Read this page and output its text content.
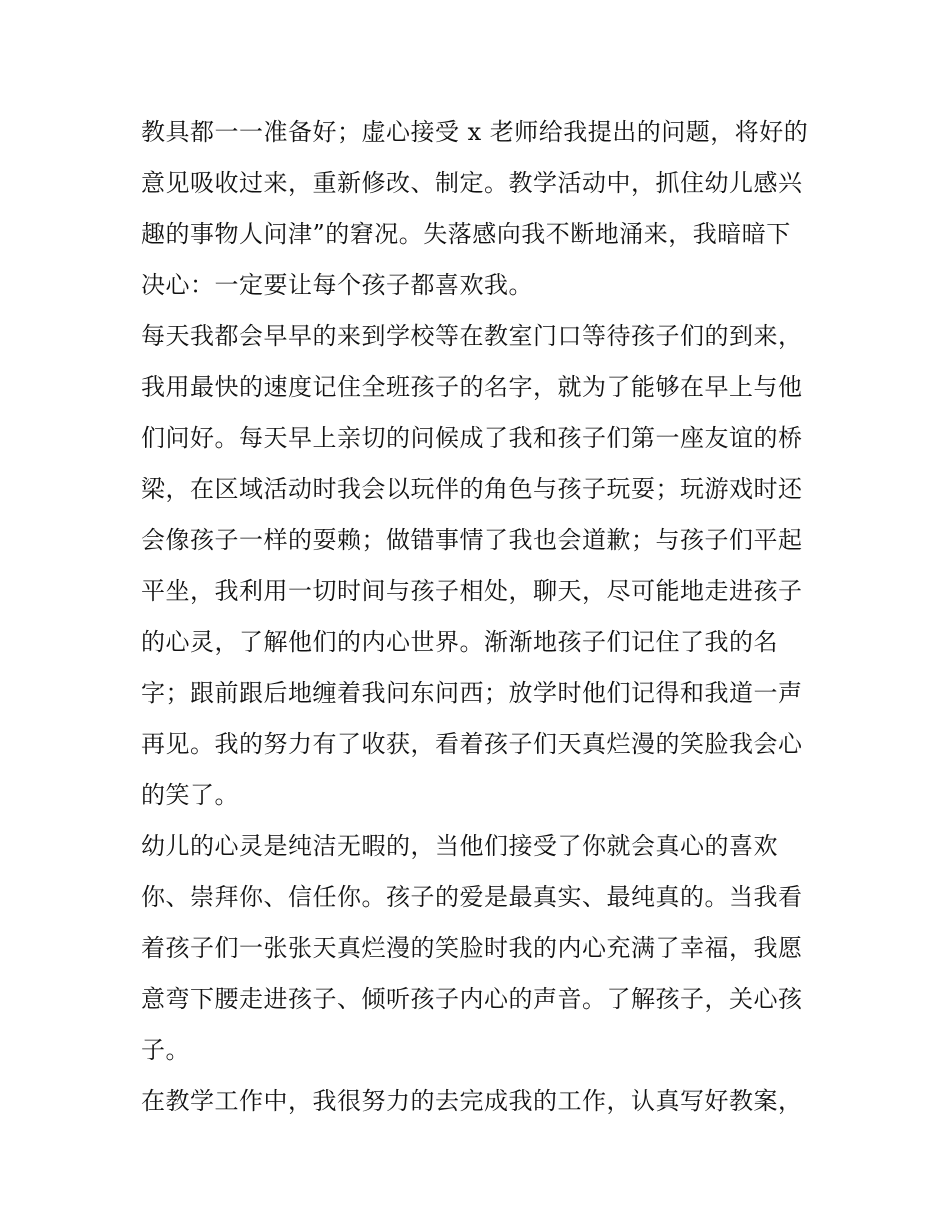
教具都一一准备好；虚心接受 x 老师给我提出的问题，将好的
意见吸收过来，重新修改、制定。教学活动中，抓住幼儿感兴
趣的事物人问津”的窘况。失落感向我不断地涌来，我暗暗下
决心：一定要让每个孩子都喜欢我。
每天我都会早早的来到学校等在教室门口等待孩子们的到来，
我用最快的速度记住全班孩子的名字，就为了能够在早上与他
们问好。每天早上亲切的问候成了我和孩子们第一座友谊的桥
梁，在区域活动时我会以玩伴的角色与孩子玩耍；玩游戏时还
会像孩子一样的耍赖；做错事情了我也会道歉；与孩子们平起
平坐，我利用一切时间与孩子相处，聊天，尽可能地走进孩子
的心灵，了解他们的内心世界。渐渐地孩子们记住了我的名
字；跟前跟后地缠着我问东问西；放学时他们记得和我道一声
再见。我的努力有了收获，看着孩子们天真烂漫的笑脸我会心
的笑了。
幼儿的心灵是纯洁无暇的，当他们接受了你就会真心的喜欢
你、崇拜你、信任你。孩子的爱是最真实、最纯真的。当我看
着孩子们一张张天真烂漫的笑脸时我的内心充满了幸福，我愿
意弯下腰走进孩子、倾听孩子内心的声音。了解孩子，关心孩
子。
在教学工作中，我很努力的去完成我的工作，认真写好教案，
